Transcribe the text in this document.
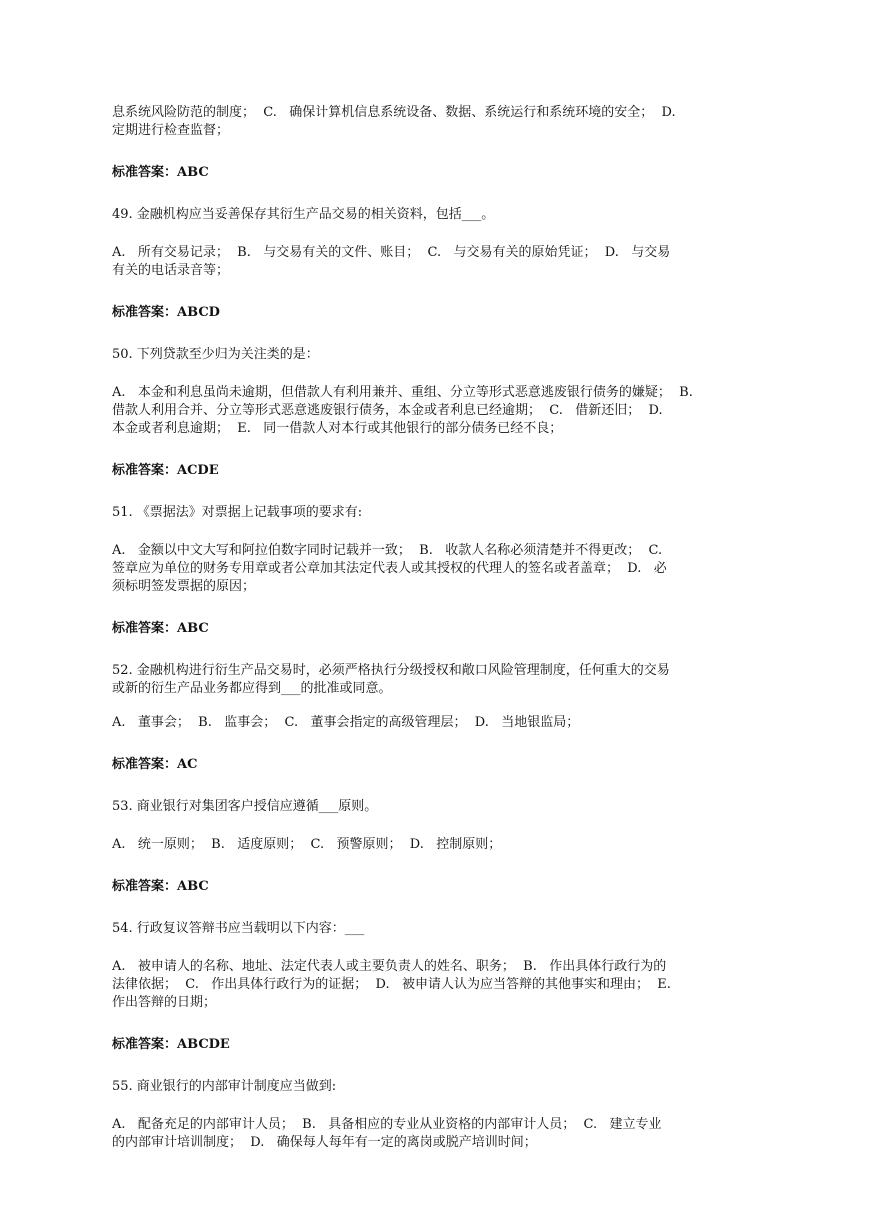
息系统风险防范的制度；  C.   确保计算机信息系统设备、数据、系统运行和系统环境的安全；  D.

定期进行检查监督；

标准答案：ABC

49. 金融机构应当妥善保存其衍生产品交易的相关资料，包括___。

A.   所有交易记录；  B.   与交易有关的文件、账目；  C.   与交易有关的原始凭证；  D.   与交易

有关的电话录音等；

标准答案：ABCD

50. 下列贷款至少归为关注类的是：

A.   本金和利息虽尚未逾期，但借款人有利用兼并、重组、分立等形式恶意逃废银行债务的嫌疑；  B.

借款人利用合并、分立等形式恶意逃废银行债务，本金或者利息已经逾期；  C.   借新还旧；  D.

本金或者利息逾期；  E.   同一借款人对本行或其他银行的部分债务已经不良；

标准答案：ACDE

51. 《票据法》对票据上记载事项的要求有:

A.   金额以中文大写和阿拉伯数字同时记载并一致；  B.   收款人名称必须清楚并不得更改；  C.

签章应为单位的财务专用章或者公章加其法定代表人或其授权的代理人的签名或者盖章；  D.   必

须标明签发票据的原因；

标准答案：ABC

52. 金融机构进行衍生产品交易时，必须严格执行分级授权和敞口风险管理制度，任何重大的交易
或新的衍生产品业务都应得到___的批准或同意。

A.   董事会；  B.   监事会；  C.   董事会指定的高级管理层；  D.   当地银监局；

标准答案：AC

53. 商业银行对集团客户授信应遵循___原则。

A.   统一原则；  B.   适度原则；  C.   预警原则；  D.   控制原则；

标准答案：ABC

54. 行政复议答辩书应当载明以下内容：___

A.   被申请人的名称、地址、法定代表人或主要负责人的姓名、职务；  B.   作出具体行政行为的

法律依据；  C.   作出具体行政行为的证据；  D.   被申请人认为应当答辩的其他事实和理由；  E.

作出答辩的日期；

标准答案：ABCDE

55. 商业银行的内部审计制度应当做到:

A.   配备充足的内部审计人员；  B.   具备相应的专业从业资格的内部审计人员；  C.   建立专业

的内部审计培训制度；  D.   确保每人每年有一定的离岗或脱产培训时间；
